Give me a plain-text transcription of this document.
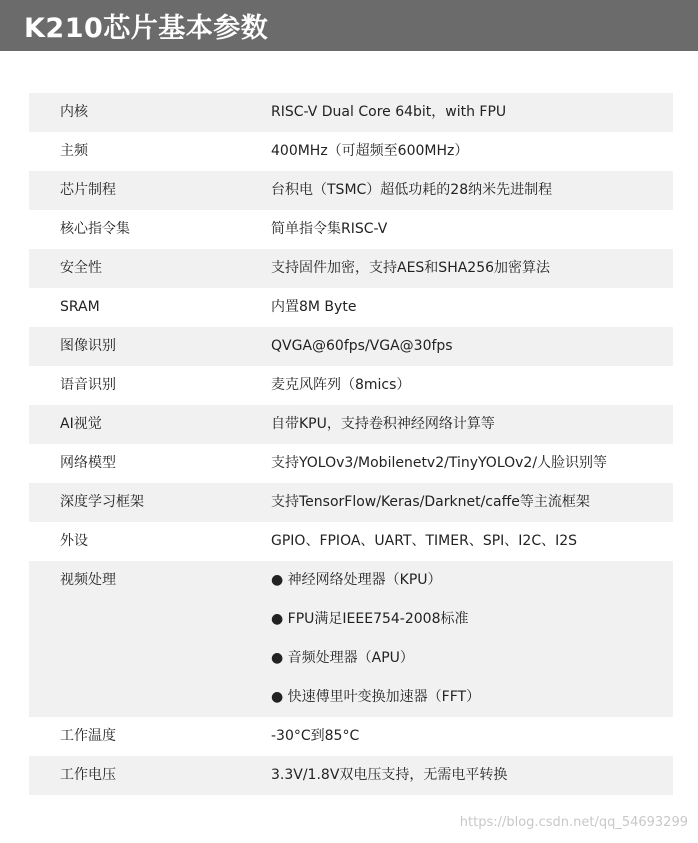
K210芯片基本参数
内核	RISC-V Dual Core 64bit，with FPU
主频	400MHz（可超频至600MHz）
芯片制程	台积电（TSMC）超低功耗的28纳米先进制程
核心指令集	简单指令集RISC-V
安全性	支持固件加密，支持AES和SHA256加密算法
SRAM	内置8M Byte
图像识别	QVGA@60fps/VGA@30fps
语音识别	麦克风阵列（8mics）
AI视觉	自带KPU，支持卷积神经网络计算等
网络模型	支持YOLOv3/Mobilenetv2/TinyYOLOv2/人脸识别等
深度学习框架	支持TensorFlow/Keras/Darknet/caffe等主流框架
外设	GPIO、FPIOA、UART、TIMER、SPI、I2C、I2S
视频处理	● 神经网络处理器（KPU）
● FPU满足IEEE754-2008标准
● 音频处理器（APU）
● 快速傅里叶变换加速器（FFT）
工作温度	-30°C到85°C
工作电压	3.3V/1.8V双电压支持，无需电平转换
https://blog.csdn.net/qq_54693299
